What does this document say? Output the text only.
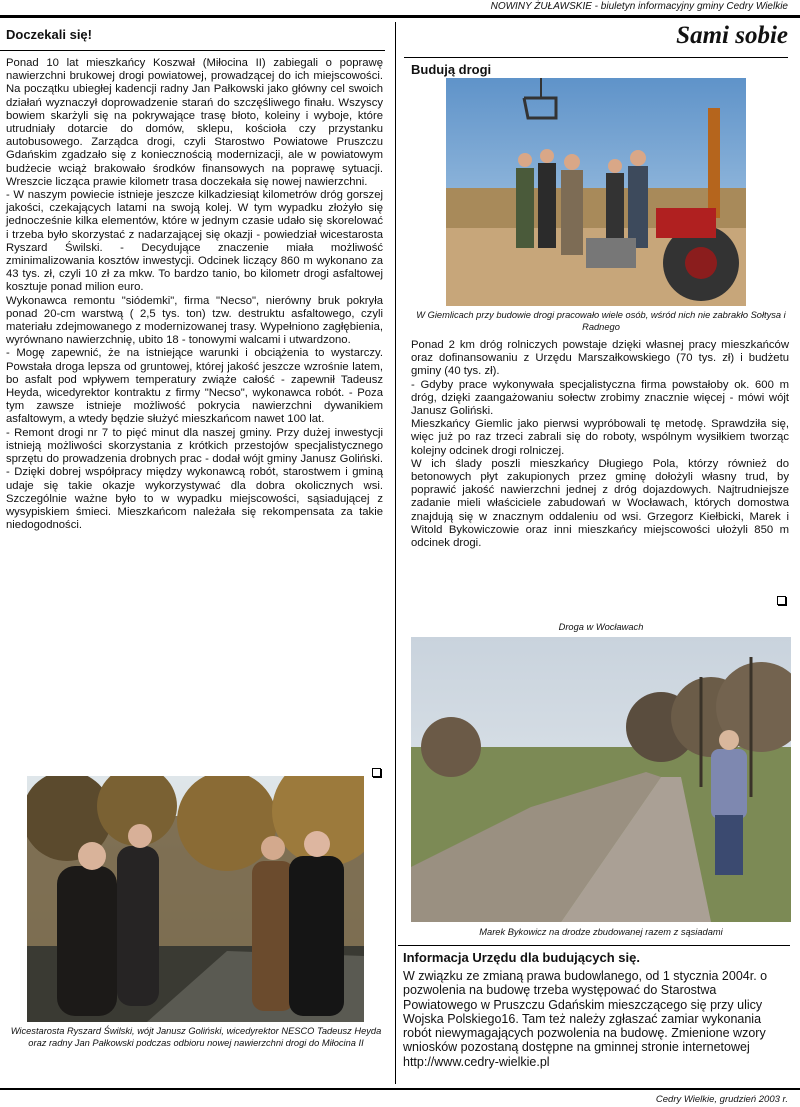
NOWINY ŻUŁAWSKIE - biuletyn informacyjny gminy Cedry Wielkie
Doczekali się!

Ponad 10 lat mieszkańcy Koszwał (Miłocina II) zabiegali o poprawę nawierzchni brukowej drogi powiatowej, prowadzącej do ich miejscowości. Na początku ubiegłej kadencji radny Jan Pałkowski jako główny cel swoich działań wyznaczył doprowadzenie starań do szczęśliwego finału. Wszyscy bowiem skarżyli się na pokrywające trasę błoto, koleiny i wyboje, które utrudniały dotarcie do domów, sklepu, kościoła czy przystanku autobusowego. Zarządca drogi, czyli Starostwo Powiatowe Pruszczu Gdańskim zgadzało się z koniecznością modernizacji, ale w powiatowym budżecie wciąż brakowało środków finansowych na poprawę sytuacji. Wreszcie licząca prawie kilometr trasa doczekała się nowej nawierzchni.

- W naszym powiecie istnieje jeszcze kilkadziesiąt kilometrów dróg gorszej jakości, czekających latami na swoją kolej. W tym wypadku złożyło się jednocześnie kilka elementów, które w jednym czasie udało się skorelować i trzeba było skorzystać z nadarzającej się okazji - powiedział wicestarosta Ryszard Świlski. - Decydujące znaczenie miała możliwość zminimalizowania kosztów inwestycji. Odcinek liczący 860 m wykonano za 43 tys. zł, czyli 10 zł za mkw. To bardzo tanio, bo kilometr drogi asfaltowej kosztuje ponad milion euro.

Wykonawca remontu "siódemki", firma "Necso", nierówny bruk pokryła ponad 20-cm warstwą ( 2,5 tys. ton) tzw. destruktu asfaltowego, czyli materiału zdejmowanego z modernizowanej trasy. Wypełniono zagłębienia, wyrównano nawierzchnię, ubito 18 - tonowymi walcami i utwardzono.

- Mogę zapewnić, że na istniejące warunki i obciążenia to wystarczy. Powstała droga lepsza od gruntowej, której jakość jeszcze wzrośnie latem, bo asfalt pod wpływem temperatury zwiąże całość - zapewnił Tadeusz Heyda, wicedyrektor kontraktu z firmy "Necso", wykonawca robót. - Poza tym zawsze istnieje możliwość pokrycia nawierzchni dywanikiem asfaltowym, a wtedy będzie służyć mieszkańcom nawet 100 lat.

- Remont drogi nr 7 to pięć minut dla naszej gminy. Przy dużej inwestycji istnieją możliwości skorzystania z krótkich przestojów specjalistycznego sprzętu do prowadzenia drobnych prac - dodał wójt gminy Janusz Goliński. - Dzięki dobrej współpracy między wykonawcą robót, starostwem i gminą udaje się takie okazje wykorzystywać dla dobra okolicznych wsi. Szczególnie ważne było to w wypadku miejscowości, sąsiadującej z wysypiskiem śmieci. Mieszkańcom należała się rekompensata za takie niedogodności.

Wicestarosta Ryszard Świlski, wójt Janusz Goliński, wicedyrektor NESCO Tadeusz Heyda oraz radny Jan Pałkowski podczas odbioru nowej nawierzchni drogi do Miłocina II
Sami sobie
Budują drogi
W Giemlicach przy budowie drogi pracowało wiele osób, wśród nich nie zabrakło Sołtysa i Radnego

Ponad 2 km dróg rolniczych powstaje dzięki własnej pracy mieszkańców oraz dofinansowaniu z Urzędu Marszałkowskiego (70 tys. zł) i budżetu gminy (40 tys. zł).

- Gdyby prace wykonywała specjalistyczna firma powstałoby ok. 600 m dróg, dzięki zaangażowaniu sołectw zrobimy znacznie więcej - mówi wójt Janusz Goliński.

Mieszkańcy Giemlic jako pierwsi wypróbowali tę metodę. Sprawdziła się, więc już po raz trzeci zabrali się do roboty, wspólnym wysiłkiem tworząc kolejny odcinek drogi rolniczej.

W ich ślady poszli mieszkańcy Długiego Pola, którzy również do betonowych płyt zakupionych przez gminę dołożyli własny trud, by poprawić jakość nawierzchni jednej z dróg dojazdowych. Najtrudniejsze zadanie mieli właściciele zabudowań w Wocławach, których domostwa znajdują się w znacznym oddaleniu od wsi. Grzegorz Kiełbicki, Marek i Witold Bykowiczowie oraz inni mieszkańcy miejscowości ułożyli 850 m odcinek drogi.

Droga w Wocławach
Marek Bykowicz na drodze zbudowanej razem z sąsiadami
Informacja Urzędu dla budujących się.
W związku ze zmianą prawa budowlanego, od 1 stycznia 2004r. o pozwolenia na budowę trzeba występować do Starostwa Powiatowego w Pruszczu Gdańskim mieszczącego się przy ulicy Wojska Polskiego16. Tam też należy zgłaszać zamiar wykonania robót niewymagających pozwolenia na budowę. Zmienione wzory wniosków pozostaną dostępne na gminnej stronie internetowej http://www.cedry-wielkie.pl
Cedry Wielkie, grudzień 2003 r.
